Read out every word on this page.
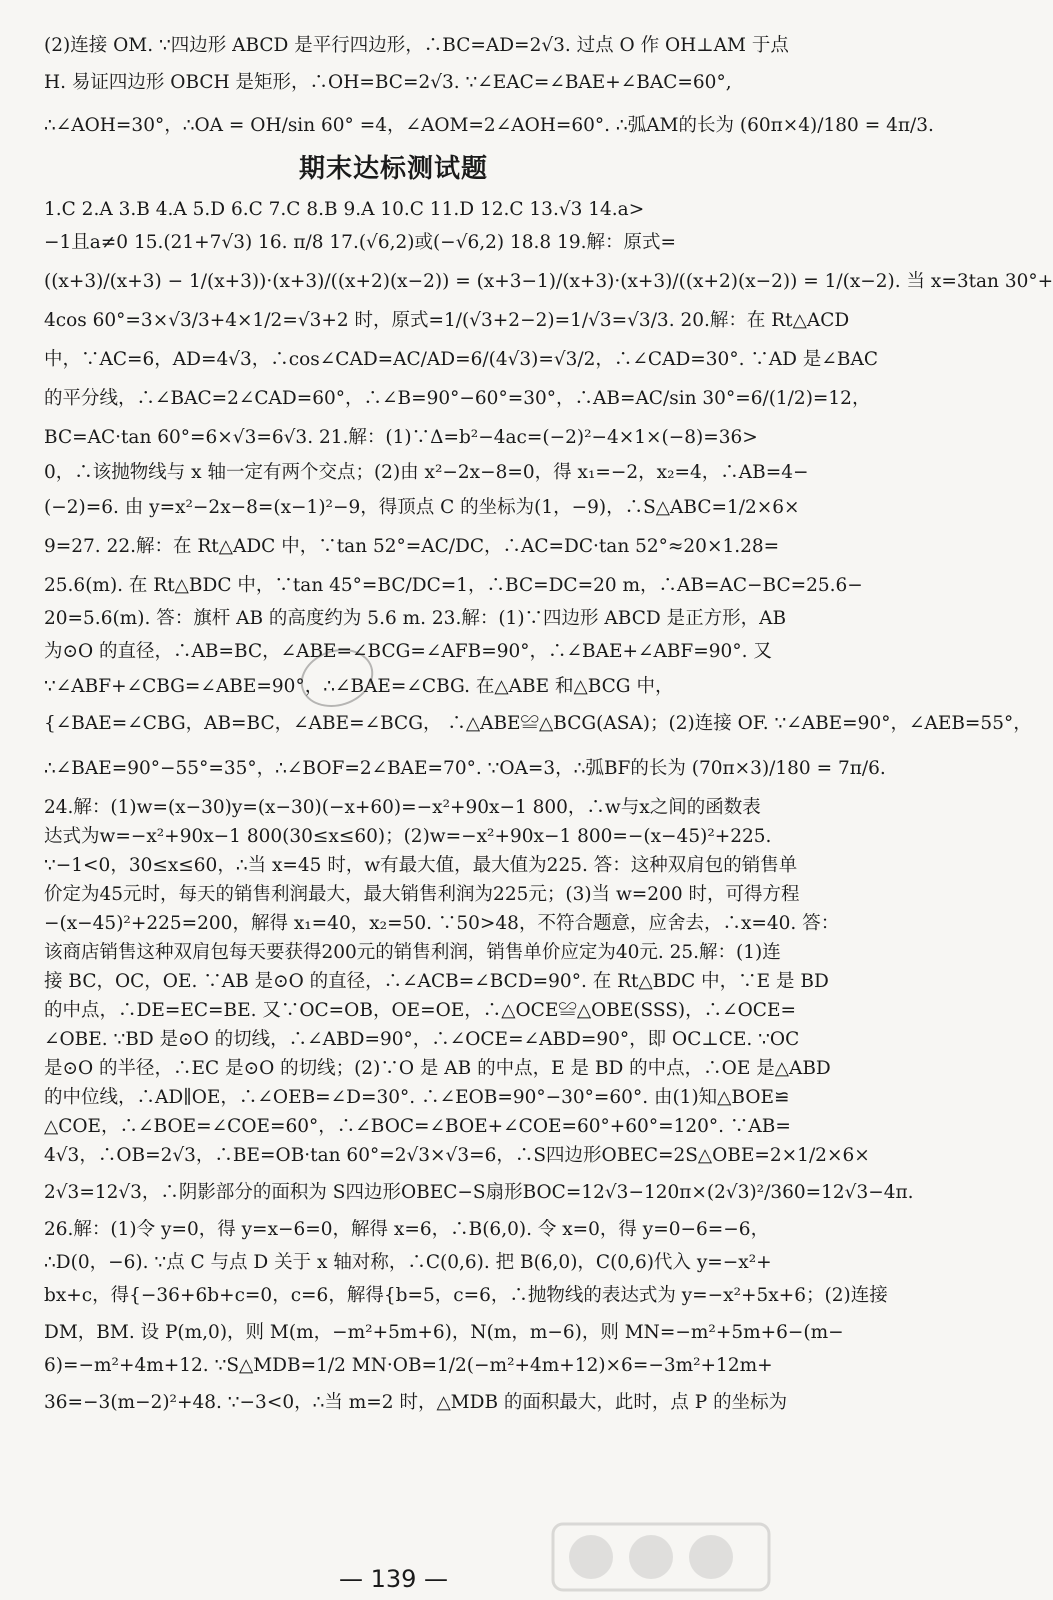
(2)连接 OM. ∵四边形 ABCD 是平行四边形，∴BC=AD=2√3. 过点 O 作 OH⊥AM 于点
H. 易证四边形 OBCH 是矩形，∴OH=BC=2√3. ∵∠EAC=∠BAE+∠BAC=60°,
∴∠AOH=30°，∴OA = OH/sin 60° =4，∠AOM=2∠AOH=60°. ∴弧AM的长为 (60π×4)/180 = 4π/3.
期末达标测试题
1.C 2.A 3.B 4.A 5.D 6.C 7.C 8.B 9.A 10.C 11.D 12.C 13.√3 14.a>
−1且a≠0 15.(21+7√3) 16. π/8 17.(√6,2)或(−√6,2) 18.8 19.解：原式=
((x+3)/(x+3) − 1/(x+3))·(x+3)/((x+2)(x−2)) = (x+3−1)/(x+3)·(x+3)/((x+2)(x−2)) = 1/(x−2). 当 x=3tan 30°+
4cos 60°=3×√3/3+4×1/2=√3+2 时，原式=1/(√3+2−2)=1/√3=√3/3. 20.解：在 Rt△ACD
中，∵AC=6，AD=4√3，∴cos∠CAD=AC/AD=6/(4√3)=√3/2，∴∠CAD=30°. ∵AD 是∠BAC
的平分线，∴∠BAC=2∠CAD=60°，∴∠B=90°−60°=30°，∴AB=AC/sin 30°=6/(1/2)=12，
BC=AC·tan 60°=6×√3=6√3. 21.解：(1)∵Δ=b²−4ac=(−2)²−4×1×(−8)=36>
0，∴该抛物线与 x 轴一定有两个交点；(2)由 x²−2x−8=0，得 x₁=−2，x₂=4，∴AB=4−
(−2)=6. 由 y=x²−2x−8=(x−1)²−9，得顶点 C 的坐标为(1，−9)，∴S△ABC=1/2×6×
9=27. 22.解：在 Rt△ADC 中，∵tan 52°=AC/DC，∴AC=DC·tan 52°≈20×1.28=
25.6(m). 在 Rt△BDC 中，∵tan 45°=BC/DC=1，∴BC=DC=20 m，∴AB=AC−BC=25.6−
20=5.6(m). 答：旗杆 AB 的高度约为 5.6 m. 23.解：(1)∵四边形 ABCD 是正方形，AB
为⊙O 的直径，∴AB=BC，∠ABE=∠BCG=∠AFB=90°，∴∠BAE+∠ABF=90°. 又
∵∠ABF+∠CBG=∠ABE=90°，∴∠BAE=∠CBG. 在△ABE 和△BCG 中，
{∠BAE=∠CBG，AB=BC，∠ABE=∠BCG， ∴△ABE≌△BCG(ASA)；(2)连接 OF. ∵∠ABE=90°，∠AEB=55°，
∴∠BAE=90°−55°=35°，∴∠BOF=2∠BAE=70°. ∵OA=3，∴弧BF的长为 (70π×3)/180 = 7π/6.
24.解：(1)w=(x−30)y=(x−30)(−x+60)=−x²+90x−1 800，∴w与x之间的函数表
达式为w=−x²+90x−1 800(30≤x≤60)；(2)w=−x²+90x−1 800=−(x−45)²+225.
∵−1<0，30≤x≤60，∴当 x=45 时，w有最大值，最大值为225. 答：这种双肩包的销售单
价定为45元时，每天的销售利润最大，最大销售利润为225元；(3)当 w=200 时，可得方程
−(x−45)²+225=200，解得 x₁=40，x₂=50. ∵50>48，不符合题意，应舍去，∴x=40. 答：
该商店销售这种双肩包每天要获得200元的销售利润，销售单价应定为40元. 25.解：(1)连
接 BC，OC，OE. ∵AB 是⊙O 的直径，∴∠ACB=∠BCD=90°. 在 Rt△BDC 中，∵E 是 BD
的中点，∴DE=EC=BE. 又∵OC=OB，OE=OE，∴△OCE≌△OBE(SSS)，∴∠OCE=
∠OBE. ∵BD 是⊙O 的切线，∴∠ABD=90°，∴∠OCE=∠ABD=90°，即 OC⊥CE. ∵OC
是⊙O 的半径，∴EC 是⊙O 的切线；(2)∵O 是 AB 的中点，E 是 BD 的中点，∴OE 是△ABD
的中位线，∴AD∥OE，∴∠OEB=∠D=30°. ∴∠EOB=90°−30°=60°. 由(1)知△BOE≌
△COE，∴∠BOE=∠COE=60°，∴∠BOC=∠BOE+∠COE=60°+60°=120°. ∵AB=
4√3，∴OB=2√3，∴BE=OB·tan 60°=2√3×√3=6，∴S四边形OBEC=2S△OBE=2×1/2×6×
2√3=12√3，∴阴影部分的面积为 S四边形OBEC−S扇形BOC=12√3−120π×(2√3)²/360=12√3−4π.
26.解：(1)令 y=0，得 y=x−6=0，解得 x=6，∴B(6,0). 令 x=0，得 y=0−6=−6，
∴D(0，−6). ∵点 C 与点 D 关于 x 轴对称，∴C(0,6). 把 B(6,0)，C(0,6)代入 y=−x²+
bx+c，得{−36+6b+c=0，c=6，解得{b=5，c=6，∴抛物线的表达式为 y=−x²+5x+6；(2)连接
DM，BM. 设 P(m,0)，则 M(m，−m²+5m+6)，N(m，m−6)，则 MN=−m²+5m+6−(m−
6)=−m²+4m+12. ∵S△MDB=1/2 MN·OB=1/2(−m²+4m+12)×6=−3m²+12m+
36=−3(m−2)²+48. ∵−3<0，∴当 m=2 时，△MDB 的面积最大，此时，点 P 的坐标为
— 139 —
